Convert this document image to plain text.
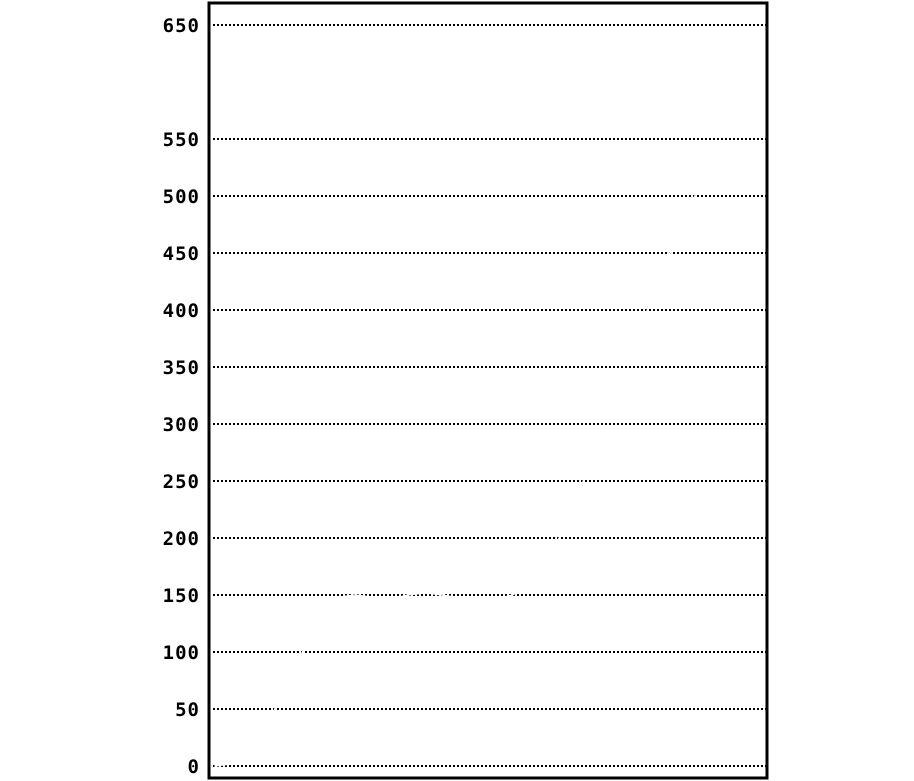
0
50
100
150
200
250
300
350
400
450
500
550
650
